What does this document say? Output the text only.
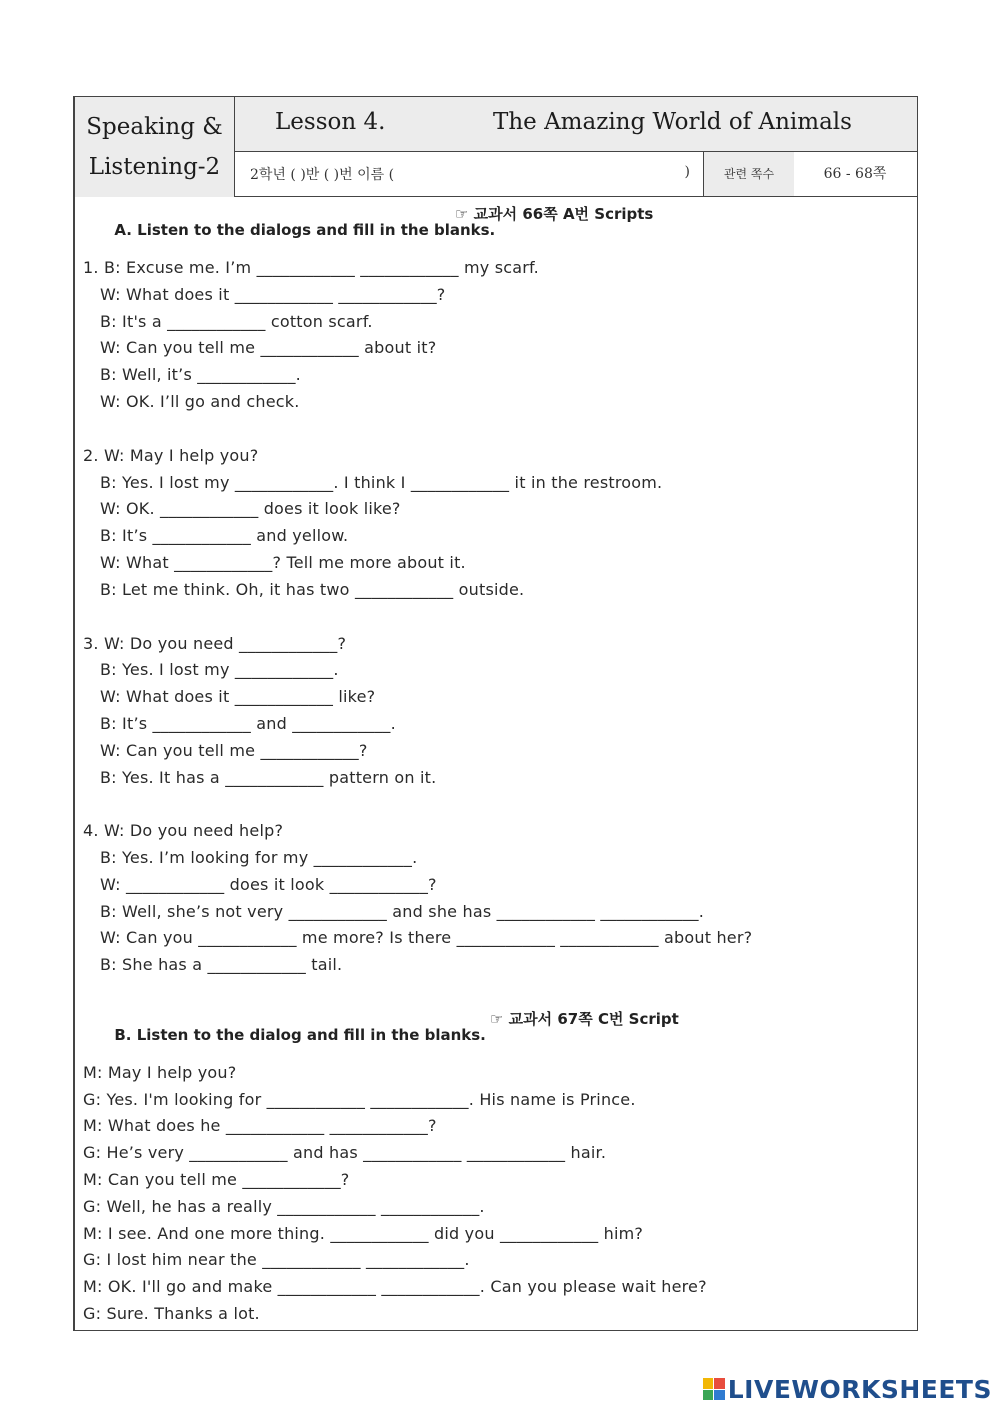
Speaking &
Listening-2
Lesson 4.	The Amazing World of Animals
2학년 ( )반 ( )번 이름 (	)	관련 쪽수	66 - 68쪽

A. Listen to the dialogs and fill in the blanks.
☞ 교과서 66쪽 A번 Scripts

1. B: Excuse me. I’m ____________ ____________ my scarf.
W: What does it ____________ ____________?
B: It's a ____________ cotton scarf.
W: Can you tell me ____________ about it?
B: Well, it’s ____________.
W: OK. I’ll go and check.
2. W: May I help you?
B: Yes. I lost my ____________. I think I ____________ it in the restroom.
W: OK. ____________ does it look like?
B: It’s ____________ and yellow.
W: What ____________? Tell me more about it.
B: Let me think. Oh, it has two ____________ outside.
3. W: Do you need ____________?
B: Yes. I lost my ____________.
W: What does it ____________ like?
B: It’s ____________ and ____________.
W: Can you tell me ____________?
B: Yes. It has a ____________ pattern on it.
4. W: Do you need help?
B: Yes. I’m looking for my ____________.
W: ____________ does it look ____________?
B: Well, she’s not very ____________ and she has ____________ ____________.
W: Can you ____________ me more? Is there ____________ ____________ about her?
B: She has a ____________ tail.

B. Listen to the dialog and fill in the blanks.
☞ 교과서 67쪽 C번 Script

M: May I help you?
G: Yes. I'm looking for ____________ ____________. His name is Prince.
M: What does he ____________ ____________?
G: He’s very ____________ and has ____________ ____________ hair.
M: Can you tell me ____________?
G: Well, he has a really ____________ ____________.
M: I see. And one more thing. ____________ did you ____________ him?
G: I lost him near the ____________ ____________.
M: OK. I'll go and make ____________ ____________. Can you please wait here?
G: Sure. Thanks a lot.
LIVEWORKSHEETS
